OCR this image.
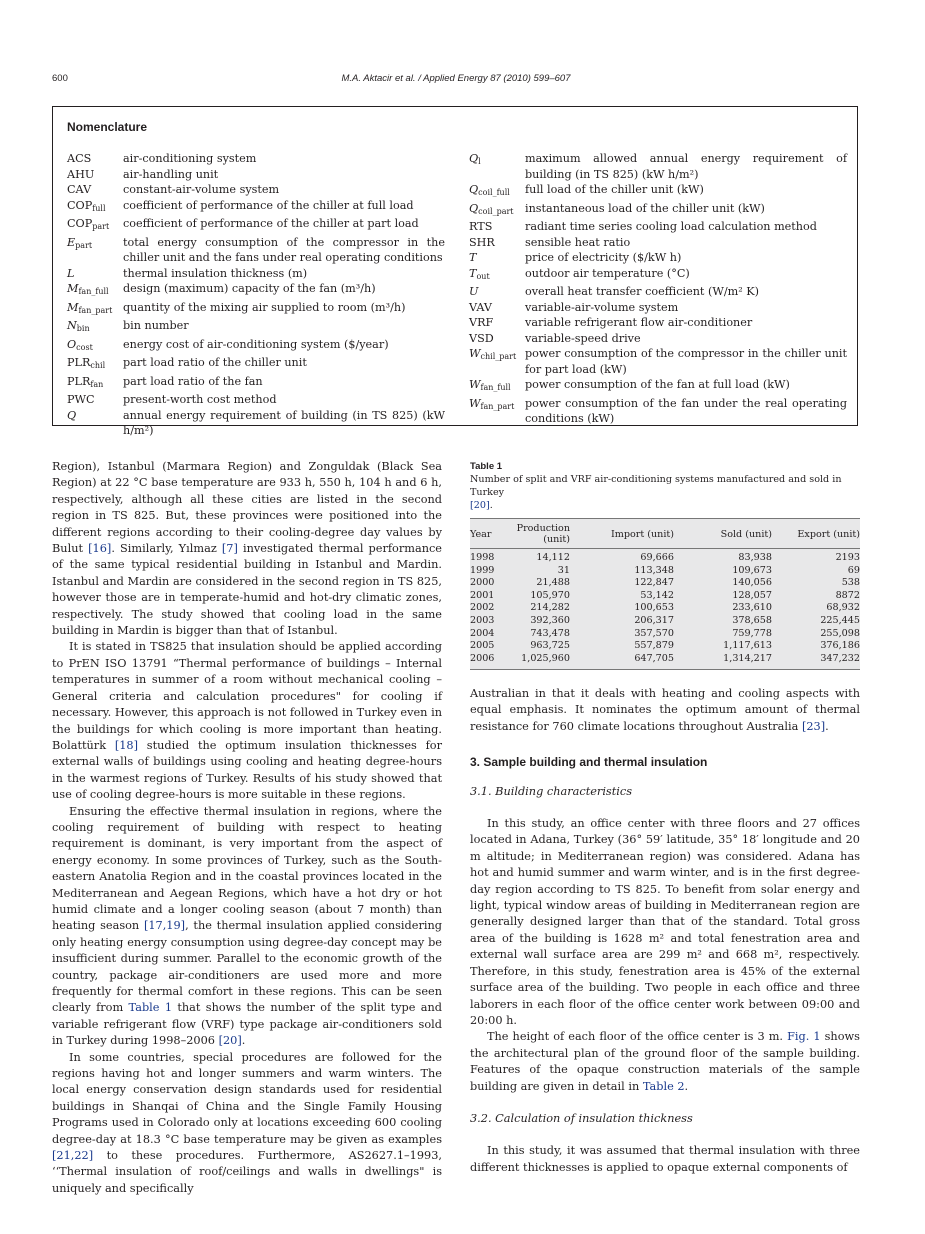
600	M.A. Aktacir et al. / Applied Energy 87 (2010) 599–607
Nomenclature
ACS	air-conditioning system
AHU	air-handling unit
CAV	constant-air-volume system
$COP_{full}$	coefficient of performance of the chiller at full load
$COP_{part}$	coefficient of performance of the chiller at part load
$E_{part}$	total energy consumption of the compressor in the chiller unit and the fans under real operating conditions
L	thermal insulation thickness (m)
$M_{fan\_full}$	design (maximum) capacity of the fan (m³/h)
$M_{fan\_part}$ quantity of the mixing air supplied to room (m³/h)
$N_{bin}$	bin number
$O_{cost}$	energy cost of air-conditioning system ($/year)
$PLR_{chil}$	part load ratio of the chiller unit
$PLR_{fan}$	part load ratio of the fan
PWC	present-worth cost method
Q	annual energy requirement of building (in TS 825) (kW h/m²)
$Q_l$	maximum allowed annual energy requirement of building (in TS 825) (kW h/m²)
$Q_{coil\_full}$	full load of the chiller unit (kW)
$Q_{coil\_part}$	instantaneous load of the chiller unit (kW)
RTS	radiant time series cooling load calculation method
SHR	sensible heat ratio
T	price of electricity ($/kW h)
$T_{out}$	outdoor air temperature (°C)
U	overall heat transfer coefficient (W/m² K)
VAV	variable-air-volume system
VRF	variable refrigerant flow air-conditioner
VSD	variable-speed drive
$W_{chil\_part}$ power consumption of the compressor in the chiller unit for part load (kW)
$W_{fan\_full}$	power consumption of the fan at full load (kW)
$W_{fan\_part}$ power consumption of the fan under the real operating conditions (kW)

Region), Istanbul (Marmara Region) and Zonguldak (Black Sea Region) at 22 °C base temperature are 933 h, 550 h, 104 h and 6 h, respectively, although all these cities are listed in the second region in TS 825. But, these provinces were positioned into the different regions according to their cooling-degree day values by Bulut [16]. Similarly, Yılmaz [7] investigated thermal performance of the same typical residential building in Istanbul and Mardin. Istanbul and Mardin are considered in the second region in TS 825, however those are in temperate-humid and hot-dry climatic zones, respectively. The study showed that cooling load in the same building in Mardin is bigger than that of Istanbul.

It is stated in TS825 that insulation should be applied according to PrEN ISO 13791 “Thermal performance of buildings – Internal temperatures in summer of a room without mechanical cooling – General criteria and calculation procedures" for cooling if necessary. However, this approach is not followed in Turkey even in the buildings for which cooling is more important than heating. Bolattürk [18] studied the optimum insulation thicknesses for external walls of buildings using cooling and heating degree-hours in the warmest regions of Turkey. Results of his study showed that use of cooling degree-hours is more suitable in these regions.

Ensuring the effective thermal insulation in regions, where the cooling requirement of building with respect to heating requirement is dominant, is very important from the aspect of energy economy. In some provinces of Turkey, such as the South-eastern Anatolia Region and in the coastal provinces located in the Mediterranean and Aegean Regions, which have a hot dry or hot humid climate and a longer cooling season (about 7 month) than heating season [17,19], the thermal insulation applied considering only heating energy consumption using degree-day concept may be insufficient during summer. Parallel to the economic growth of the country, package air-conditioners are used more and more frequently for thermal comfort in these regions. This can be seen clearly from Table 1 that shows the number of the split type and variable refrigerant flow (VRF) type package air-conditioners sold in Turkey during 1998–2006 [20].

In some countries, special procedures are followed for the regions having hot and longer summers and warm winters. The local energy conservation design standards used for residential buildings in Shanqai of China and the Single Family Housing Programs used in Colorado only at locations exceeding 600 cooling degree-day at 18.3 °C base temperature may be given as examples [21,22] to these procedures. Furthermore, AS2627.1–1993, ‘‘Thermal insulation of roof/ceilings and walls in dwellings" is uniquely and specifically

Table 1
Number of split and VRF air-conditioning systems manufactured and sold in Turkey
[20].
Year	Production (unit)	Import (unit)	Sold (unit)	Export (unit)
1998	14,112	69,666	83,938	2193
1999	31	113,348	109,673	69
2000	21,488	122,847	140,056	538
2001	105,970	53,142	128,057	8872
2002	214,282	100,653	233,610	68,932
2003	392,360	206,317	378,658	225,445
2004	743,478	357,570	759,778	255,098
2005	963,725	557,879	1,117,613	376,186
2006	1,025,960	647,705	1,314,217	347,232

Australian in that it deals with heating and cooling aspects with equal emphasis. It nominates the optimum amount of thermal resistance for 760 climate locations throughout Australia [23].

3. Sample building and thermal insulation
3.1. Building characteristics

In this study, an office center with three floors and 27 offices located in Adana, Turkey (36° 59′ latitude, 35° 18′ longitude and 20 m altitude; in Mediterranean region) was considered. Adana has hot and humid summer and warm winter, and is in the first degree-day region according to TS 825. To benefit from solar energy and light, typical window areas of building in Mediterranean region are generally designed larger than that of the standard. Total gross area of the building is 1628 m² and total fenestration area and external wall surface area are 299 m² and 668 m², respectively. Therefore, in this study, fenestration area is 45% of the external surface area of the building. Two people in each office and three laborers in each floor of the office center work between 09:00 and 20:00 h.

The height of each floor of the office center is 3 m. Fig. 1 shows the architectural plan of the ground floor of the sample building. Features of the opaque construction materials of the sample building are given in detail in Table 2.

3.2. Calculation of insulation thickness

In this study, it was assumed that thermal insulation with three different thicknesses is applied to opaque external components of
